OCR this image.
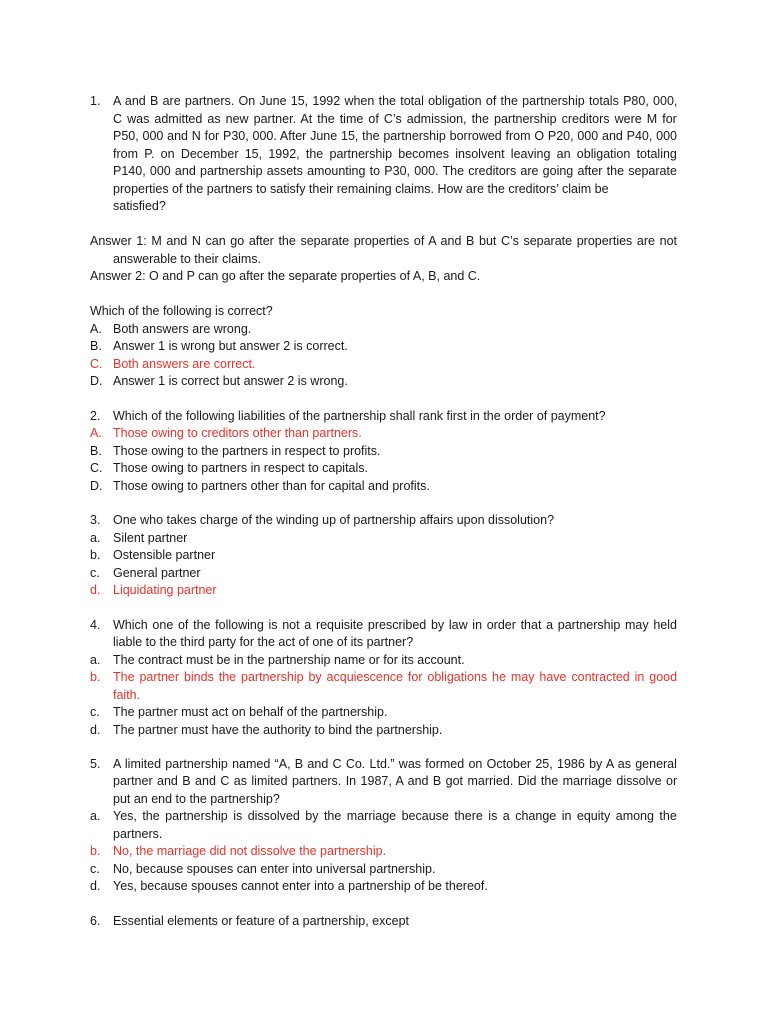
1. A and B are partners. On June 15, 1992 when the total obligation of the partnership totals P80, 000,
C was admitted as new partner. At the time of C’s admission, the partnership creditors were M for
P50, 000 and N for P30, 000. After June 15, the partnership borrowed from O P20, 000 and P40, 000
from P. on December 15, 1992, the partnership becomes insolvent leaving an obligation totaling
P140, 000 and partnership assets amounting to P30, 000. The creditors are going after the separate
properties of the partners to satisfy their remaining claims. How are the creditors’ claim be
satisfied?
Answer 1: M and N can go after the separate properties of A and B but C’s separate properties are not
answerable to their claims.
Answer 2: O and P can go after the separate properties of A, B, and C.
Which of the following is correct?
A. Both answers are wrong.
B. Answer 1 is wrong but answer 2 is correct.
C. Both answers are correct.
D. Answer 1 is correct but answer 2 is wrong.
2. Which of the following liabilities of the partnership shall rank first in the order of payment?
A. Those owing to creditors other than partners.
B. Those owing to the partners in respect to profits.
C. Those owing to partners in respect to capitals.
D. Those owing to partners other than for capital and profits.
3. One who takes charge of the winding up of partnership affairs upon dissolution?
a. Silent partner
b. Ostensible partner
c. General partner
d. Liquidating partner
4. Which one of the following is not a requisite prescribed by law in order that a partnership may held
liable to the third party for the act of one of its partner?
a. The contract must be in the partnership name or for its account.
b. The partner binds the partnership by acquiescence for obligations he may have contracted in good
faith.
c. The partner must act on behalf of the partnership.
d. The partner must have the authority to bind the partnership.
5. A limited partnership named “A, B and C Co. Ltd.” was formed on October 25, 1986 by A as general
partner and B and C as limited partners. In 1987, A and B got married. Did the marriage dissolve or
put an end to the partnership?
a. Yes, the partnership is dissolved by the marriage because there is a change in equity among the
partners.
b. No, the marriage did not dissolve the partnership.
c. No, because spouses can enter into universal partnership.
d. Yes, because spouses cannot enter into a partnership of be thereof.
6. Essential elements or feature of a partnership, except
